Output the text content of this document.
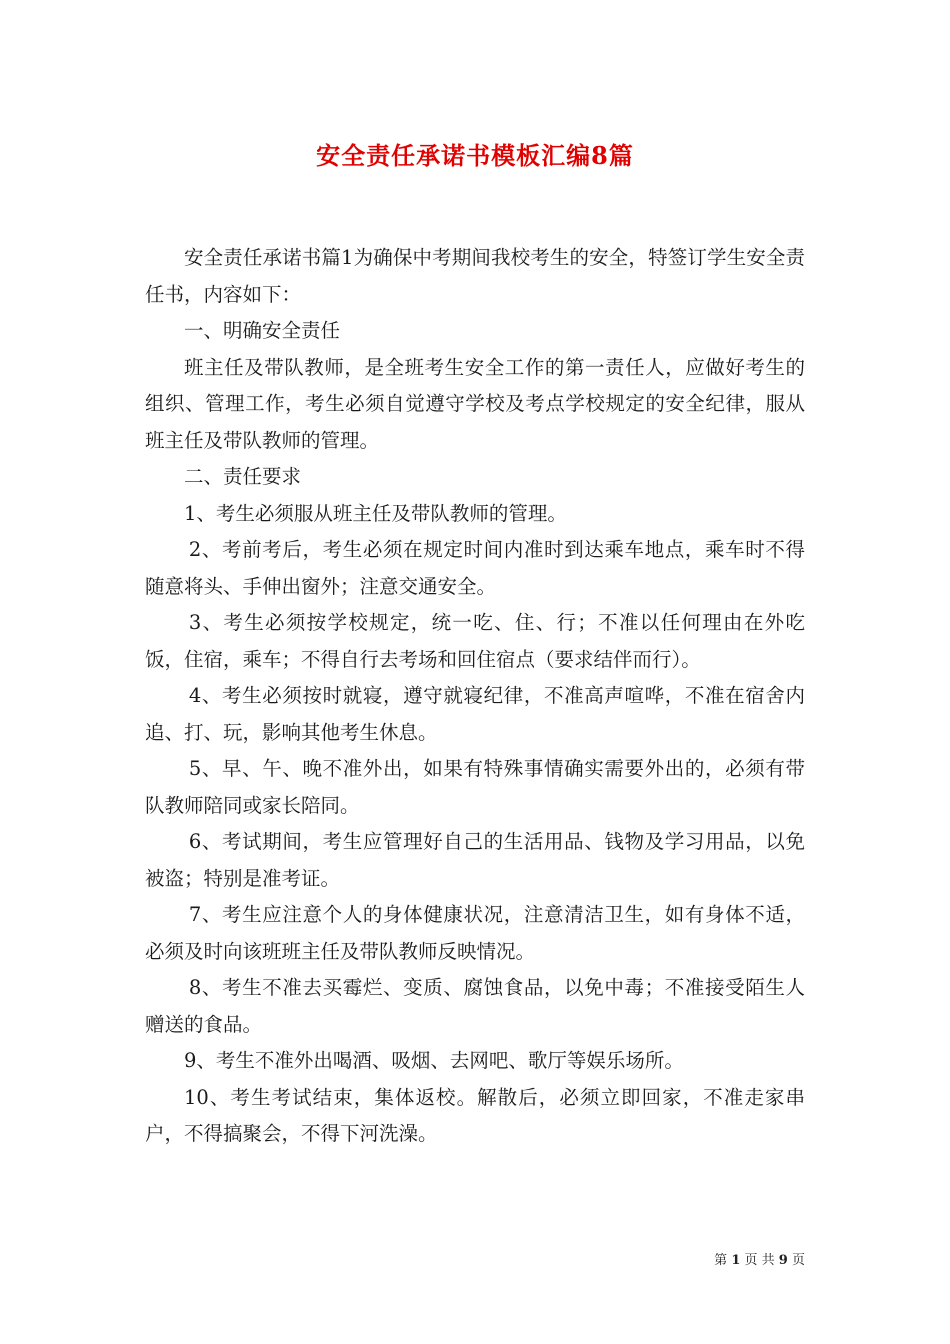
安全责任承诺书模板汇编8篇

安全责任承诺书篇1为确保中考期间我校考生的安全，特签订学生安全责任书，内容如下：

一、明确安全责任

班主任及带队教师，是全班考生安全工作的第一责任人，应做好考生的组织、管理工作，考生必须自觉遵守学校及考点学校规定的安全纪律，服从班主任及带队教师的管理。

二、责任要求

1、考生必须服从班主任及带队教师的管理。

2、考前考后，考生必须在规定时间内准时到达乘车地点，乘车时不得随意将头、手伸出窗外；注意交通安全。

3、考生必须按学校规定，统一吃、住、行；不准以任何理由在外吃饭，住宿，乘车；不得自行去考场和回住宿点（要求结伴而行）。

4、考生必须按时就寝，遵守就寝纪律，不准高声喧哗，不准在宿舍内追、打、玩，影响其他考生休息。

5、早、午、晚不准外出，如果有特殊事情确实需要外出的，必须有带队教师陪同或家长陪同。

6、考试期间，考生应管理好自己的生活用品、钱物及学习用品，以免被盗；特别是准考证。

7、考生应注意个人的身体健康状况，注意清洁卫生，如有身体不适，必须及时向该班班主任及带队教师反映情况。

8、考生不准去买霉烂、变质、腐蚀食品，以免中毒；不准接受陌生人赠送的食品。

9、考生不准外出喝酒、吸烟、去网吧、歌厅等娱乐场所。

10、考生考试结束，集体返校。解散后，必须立即回家，不准走家串户，不得搞聚会，不得下河洗澡。

第 1 页 共 9 页
